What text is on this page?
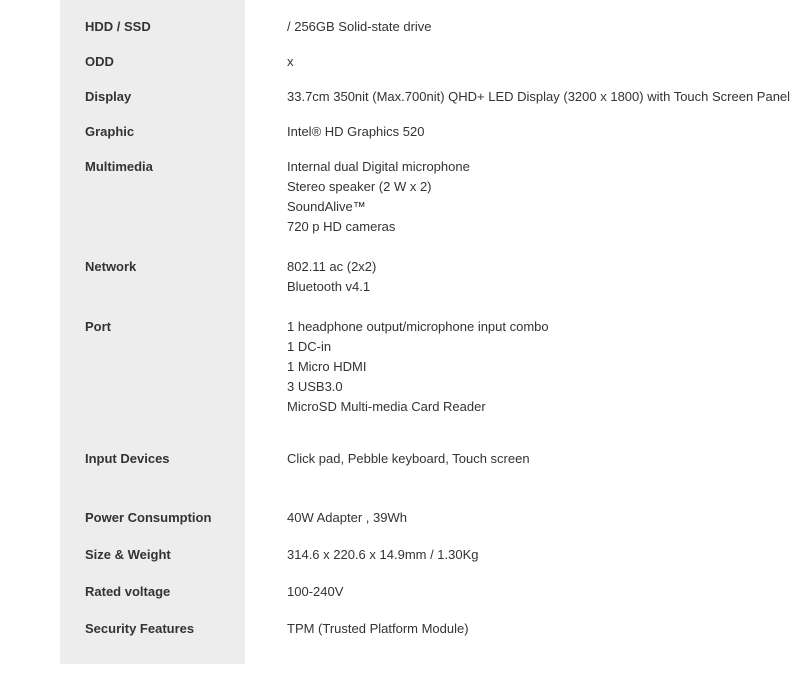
HDD / SSD	/ 256GB Solid-state drive
ODD	x
Display	33.7cm 350nit (Max.700nit) QHD+ LED Display (3200 x 1800) with Touch Screen Panel
Graphic	Intel® HD Graphics 520
Multimedia	Internal dual Digital microphone
Stereo speaker (2 W x 2)
SoundAlive™
720 p HD cameras
Network	802.11 ac (2x2)
Bluetooth v4.1
Port	1 headphone output/microphone input combo
1 DC-in
1 Micro HDMI
3 USB3.0
MicroSD Multi-media Card Reader
Input Devices	Click pad, Pebble keyboard, Touch screen
Power Consumption	40W Adapter , 39Wh
Size & Weight	314.6 x 220.6 x 14.9mm / 1.30Kg
Rated voltage	100-240V
Security Features	TPM (Trusted Platform Module)
